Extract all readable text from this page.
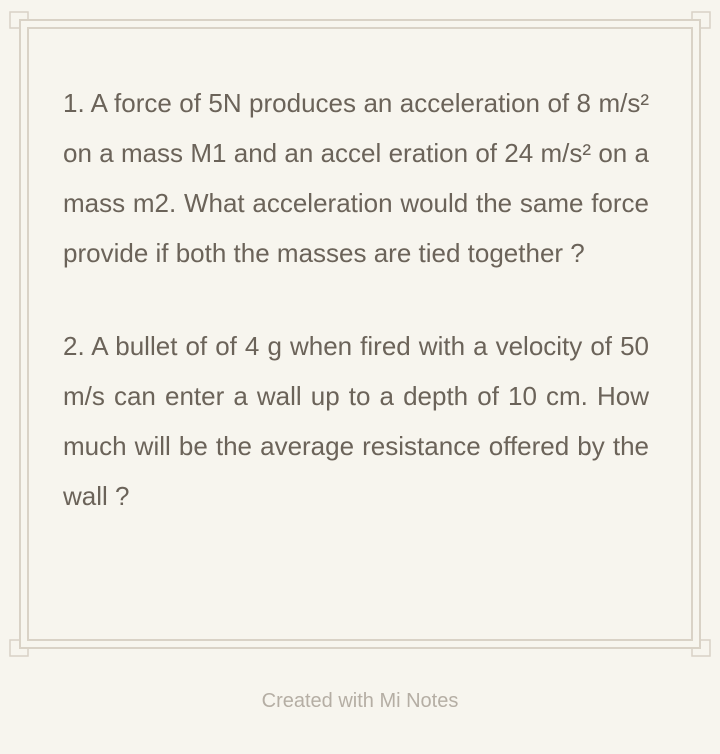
1. A force of 5N produces an acceleration of 8 m/s² on a mass M1 and an accel eration of 24 m/s² on a mass m2. What acceleration would the same force provide if both the masses are tied together ?

2. A bullet of of 4 g when fired with a velocity of 50 m/s can enter a wall up to a depth of 10 cm. How much will be the average resistance offered by the wall ?

Created with Mi Notes
